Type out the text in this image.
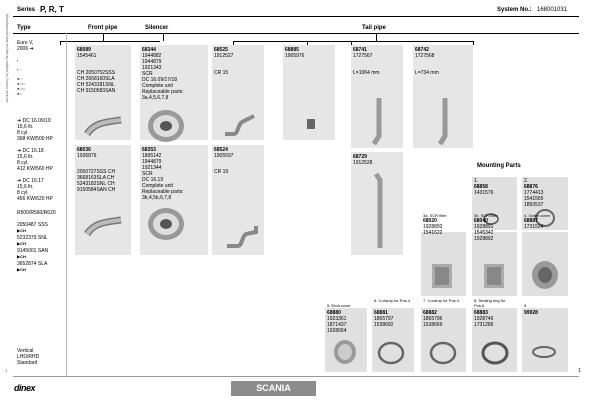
Manufactured and verified as suitable for Scania vehicles
Series P, R, T	System No.: 168001031
Type	Front pipe	Silencer	Tail pipe
Euro V,
2006 ➔
▪
▪ ▫
●○
●○/○
●○/○
●○
➔ DC 16.09/19
15,6 ltr.
8 cyl.
368 KW/500 HP
➔ DC 16.18
15,6 ltr.
8 cyl.
412 KW/560 HP
➔ DC 16.17
15,6 ltr.
8 cyl.
456 KW/620 HP
R500/R560/R620
2050487 SSS
▶CH
5232379 SNL
▶CH
9145001 SAN
▶CH
3652874 SLA
▶CH
Vertical
LHD/RHD
Standard
68089
1545461
CH 2050752SSS
CH 2668160SLA
CH 5243181SNL
CH 9150583SAN
68344
1944882
1944879
1921343
SCR
DC 16.09/17/18
Complete unit
Replaceable parts:
3a,4,5,6,7,8
68525
1912527
CR 15
68885
1905976
68741
1727567
L=1064 mm
68742
1727568
L=734 mm
68036
1936879
2050727SSS CH
3668163SLA CH
5243182SNL CH
9150584SAN CH
68353
1895142
1944879
1921344
SCR
DC 16.19
Complete unit
Replaceable parts:
3b,4,5b,6,7,8
68524
1905597
CR 19
68729
1912528	Mounting Parts
1.
68858
1431576
2.
68876
1774413
1541565
1850537
3a. SCR filter	3b. SCR filter	4. Outlet cover
68020
1928893
1541622
68040
1928891
1545342
1928892
68887
1731524
5. Endt cover
6. V-clamp for Pos.4	7. V-clamp for Pos.4	8. Sealing ring for Pos.6	9.
68880
1923361
1871437
1928064
68881
1865797
1538692
68882
1865796
1538669
68883
1928746
1731285
99928
dinex	SCANIA
1
1
